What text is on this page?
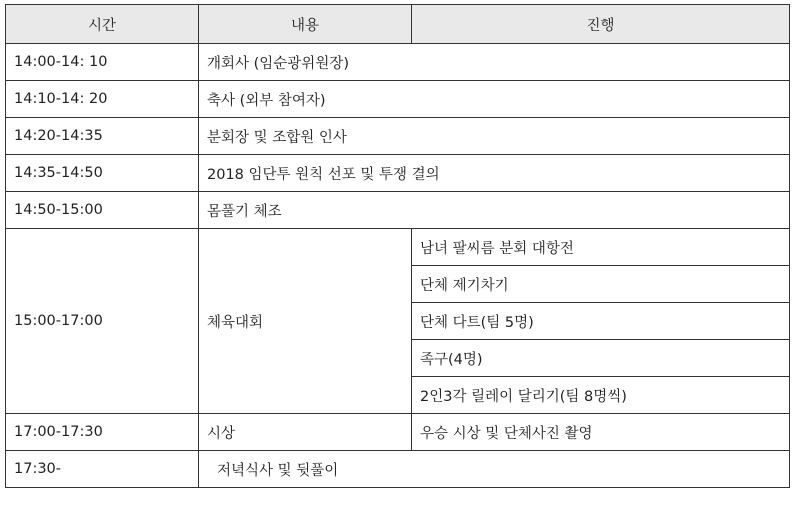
시간	내용	진행
14:00-14: 10	개회사 (임순광위원장)	
14:10-14: 20	축사 (외부 참여자)	
14:20-14:35	분회장 및 조합원 인사	
14:35-14:50	2018 임단투 원칙 선포 및 투쟁 결의	
14:50-15:00	몸풀기 체조	
15:00-17:00	체육대회	남녀 팔씨름 분회 대항전
		단체 제기차기
		단체 다트(팀 5명)
		족구(4명)
		2인3각 릴레이 달리기(팀 8명씩)
17:00-17:30	시상	우승 시상 및 단체사진 촬영
17:30-	저녁식사 및 뒷풀이	
